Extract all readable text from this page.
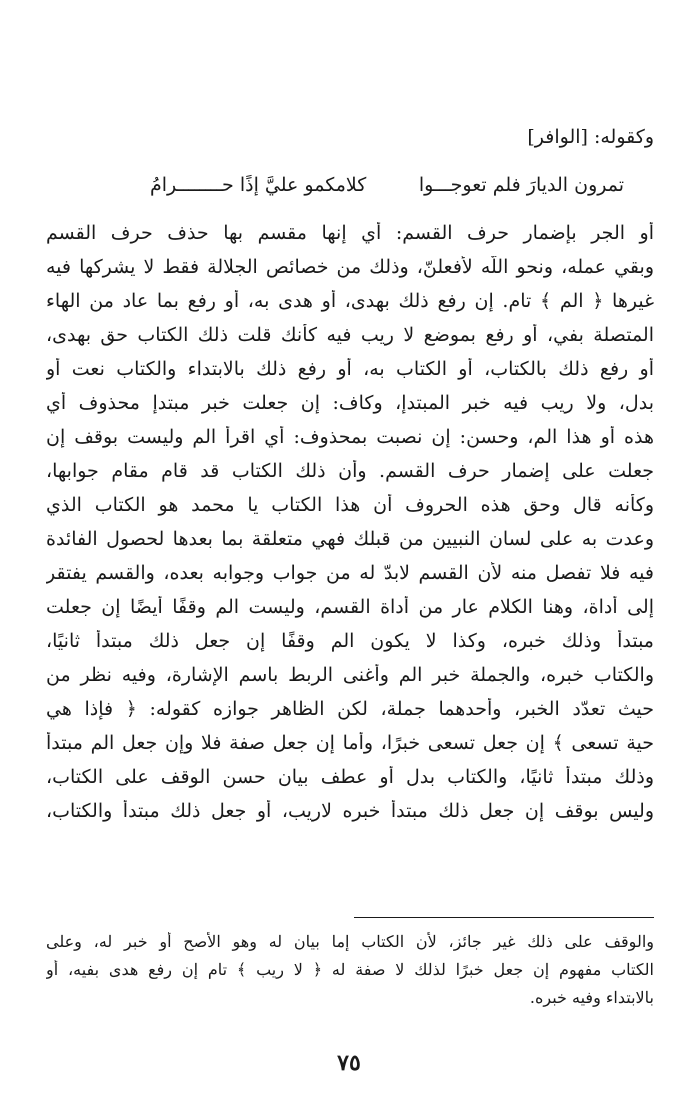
وكقوله: [الوافر]
تمرون الديارَ فلم تعوجـــوا
كلامكمو عليَّ إذًا حــــــــرامُ
أو الجر بإضمار حرف القسم: أي إنها مقسم بها حذف حرف القسم
وبقي عمله، ونحو اللّه لأفعلنّ، وذلك من خصائص الجلالة فقط لا يشركها فيه
غيرها ﴿ الم ﴾ تام. إن رفع ذلك بهدى، أو هدى به، أو رفع بما عاد من الهاء
المتصلة بفي، أو رفع بموضع لا ريب فيه كأنك قلت ذلك الكتاب حق بهدى،
أو رفع ذلك بالكتاب، أو الكتاب به، أو رفع ذلك بالابتداء والكتاب نعت أو
بدل، ولا ريب فيه خبر المبتدإ، وكاف: إن جعلت خبر مبتدإ محذوف أي
هذه أو هذا الم، وحسن: إن نصبت بمحذوف: أي اقرأ الم وليست بوقف إن
جعلت على إضمار حرف القسم. وأن ذلك الكتاب قد قام مقام جوابها،
وكأنه قال وحق هذه الحروف أن هذا الكتاب يا محمد هو الكتاب الذي
وعدت به على لسان النبيين من قبلك فهي متعلقة بما بعدها لحصول الفائدة
فيه فلا تفصل منه لأن القسم لابدّ له من جواب وجوابه بعده، والقسم يفتقر
إلى أداة، وهنا الكلام عار من أداة القسم، وليست الم وقفًا أيضًا إن جعلت
مبتدأ وذلك خبره، وكذا لا يكون الم وقفًا إن جعل ذلك مبتدأ ثانيًا،
والكتاب خبره، والجملة خبر الم وأغنى الربط باسم الإشارة، وفيه نظر من
حيث تعدّد الخبر، وأحدهما جملة، لكن الظاهر جوازه كقوله: ﴿ فإذا هي
حية تسعى ﴾ إن جعل تسعى خبرًا، وأما إن جعل صفة فلا وإن جعل الم مبتدأ
وذلك مبتدأ ثانيًا، والكتاب بدل أو عطف بيان حسن الوقف على الكتاب،
وليس بوقف إن جعل ذلك مبتدأ خبره لاريب، أو جعل ذلك مبتدأ والكتاب،
والوقف على ذلك غير جائز، لأن الكتاب إما بيان له وهو الأصح أو خبر له، وعلى
الكتاب مفهوم إن جعل خبرًا لذلك لا صفة له ﴿ لا ريب ﴾ تام إن رفع هدى بفيه، أو
بالابتداء وفيه خبره.
٧٥
